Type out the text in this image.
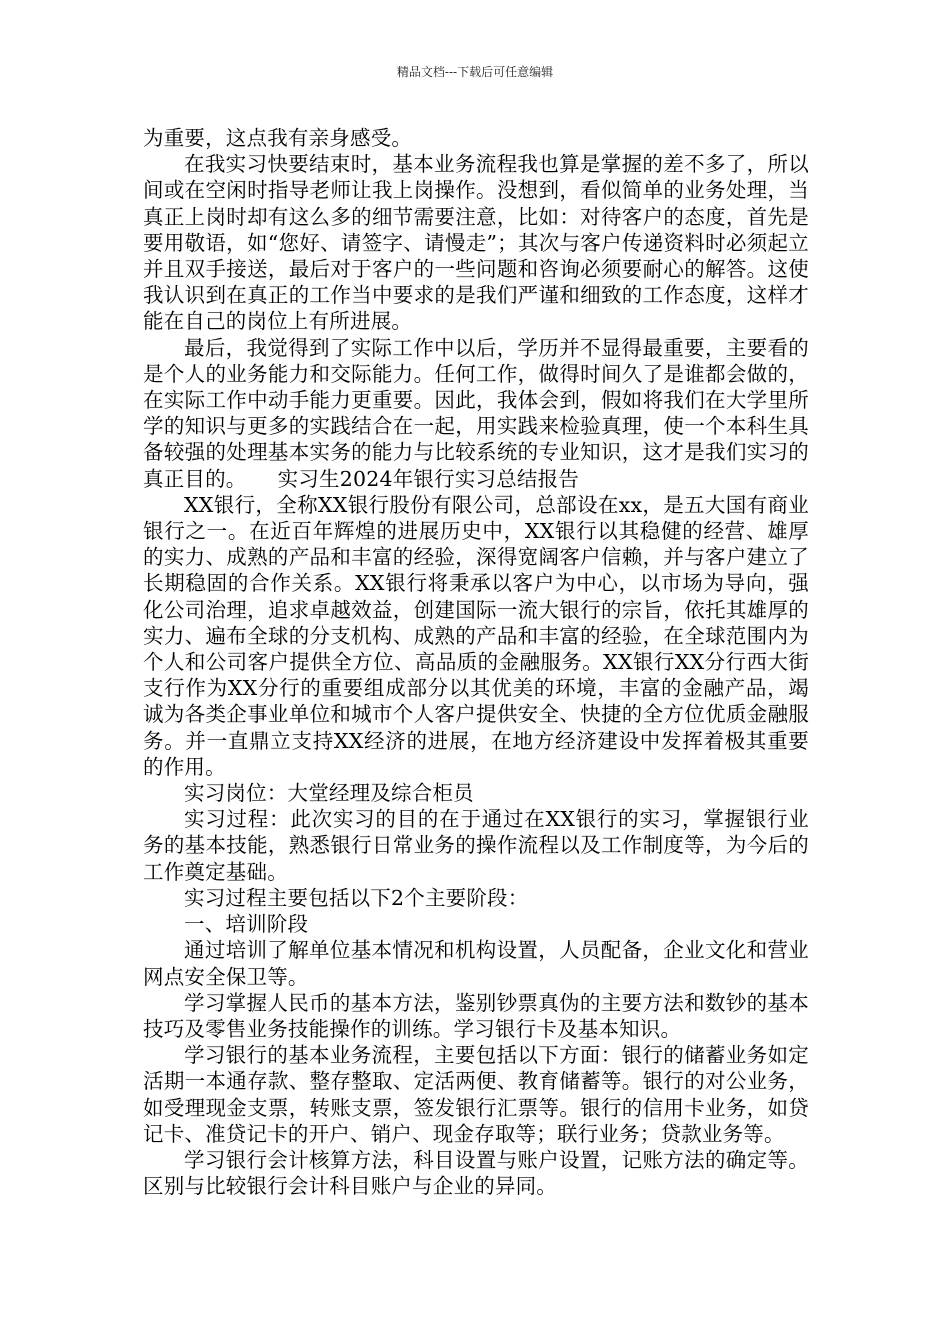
精品文档---下载后可任意编辑

为重要，这点我有亲身感受。

在我实习快要结束时，基本业务流程我也算是掌握的差不多了，所以间或在空闲时指导老师让我上岗操作。没想到，看似简单的业务处理，当真正上岗时却有这么多的细节需要注意，比如：对待客户的态度，首先是要用敬语，如“您好、请签字、请慢走”；其次与客户传递资料时必须起立并且双手接送，最后对于客户的一些问题和咨询必须要耐心的解答。这使我认识到在真正的工作当中要求的是我们严谨和细致的工作态度，这样才能在自己的岗位上有所进展。

最后，我觉得到了实际工作中以后，学历并不显得最重要，主要看的是个人的业务能力和交际能力。任何工作，做得时间久了是谁都会做的，在实际工作中动手能力更重要。因此，我体会到，假如将我们在大学里所学的知识与更多的实践结合在一起，用实践来检验真理，使一个本科生具备较强的处理基本实务的能力与比较系统的专业知识，这才是我们实习的真正目的。　　实习生2024年银行实习总结报告

XX银行，全称XX银行股份有限公司，总部设在xx，是五大国有商业银行之一。在近百年辉煌的进展历史中，XX银行以其稳健的经营、雄厚的实力、成熟的产品和丰富的经验，深得宽阔客户信赖，并与客户建立了长期稳固的合作关系。XX银行将秉承以客户为中心，以市场为导向，强化公司治理，追求卓越效益，创建国际一流大银行的宗旨，依托其雄厚的实力、遍布全球的分支机构、成熟的产品和丰富的经验，在全球范围内为个人和公司客户提供全方位、高品质的金融服务。XX银行XX分行西大街支行作为XX分行的重要组成部分以其优美的环境，丰富的金融产品，竭诚为各类企事业单位和城市个人客户提供安全、快捷的全方位优质金融服务。并一直鼎立支持XX经济的进展，在地方经济建设中发挥着极其重要的作用。

实习岗位：大堂经理及综合柜员

实习过程：此次实习的目的在于通过在XX银行的实习，掌握银行业务的基本技能，熟悉银行日常业务的操作流程以及工作制度等，为今后的工作奠定基础。

实习过程主要包括以下2个主要阶段：

一、培训阶段

通过培训了解单位基本情况和机构设置，人员配备，企业文化和营业网点安全保卫等。

学习掌握人民币的基本方法，鉴别钞票真伪的主要方法和数钞的基本技巧及零售业务技能操作的训练。学习银行卡及基本知识。

学习银行的基本业务流程，主要包括以下方面：银行的储蓄业务如定活期一本通存款、整存整取、定活两便、教育储蓄等。银行的对公业务，如受理现金支票，转账支票，签发银行汇票等。银行的信用卡业务，如贷记卡、准贷记卡的开户、销户、现金存取等；联行业务；贷款业务等。

学习银行会计核算方法，科目设置与账户设置，记账方法的确定等。区别与比较银行会计科目账户与企业的异同。
